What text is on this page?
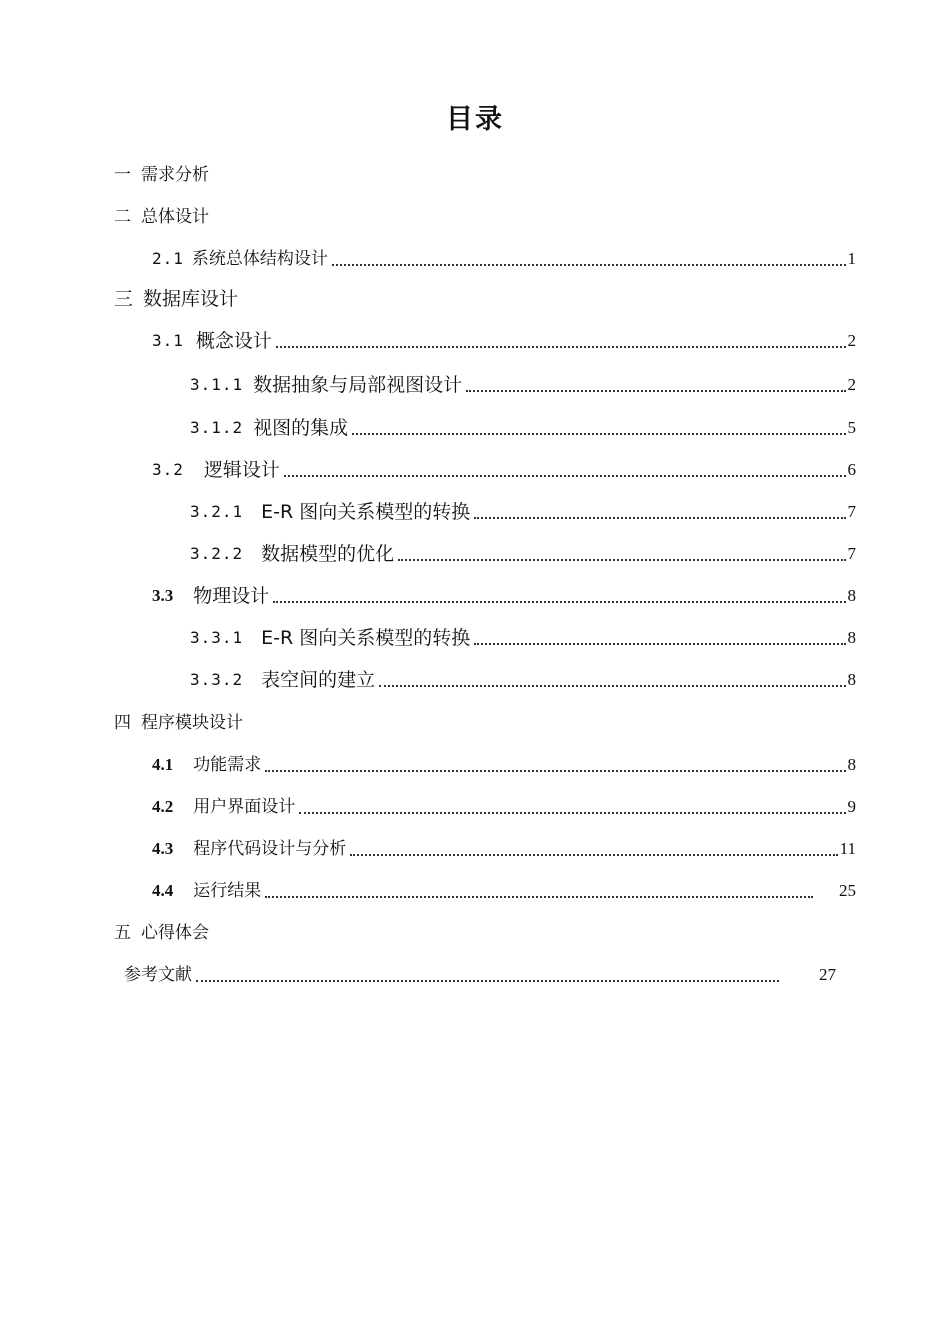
目录
一 需求分析
二 总体设计
2.1 系统总体结构设计	1
三 数据库设计
3.1 概念设计	2
3.1.1 数据抽象与局部视图设计	2
3.1.2 视图的集成	5
3.2 逻辑设计	6
3.2.1 E-R 图向关系模型的转换	7
3.2.2 数据模型的优化	7
3.3 物理设计	8
3.3.1 E-R 图向关系模型的转换	8
3.3.2 表空间的建立	8
四 程序模块设计
4.1 功能需求	8
4.2 用户界面设计	9
4.3 程序代码设计与分析	11
4.4 运行结果	25
五 心得体会
参考文献	27
